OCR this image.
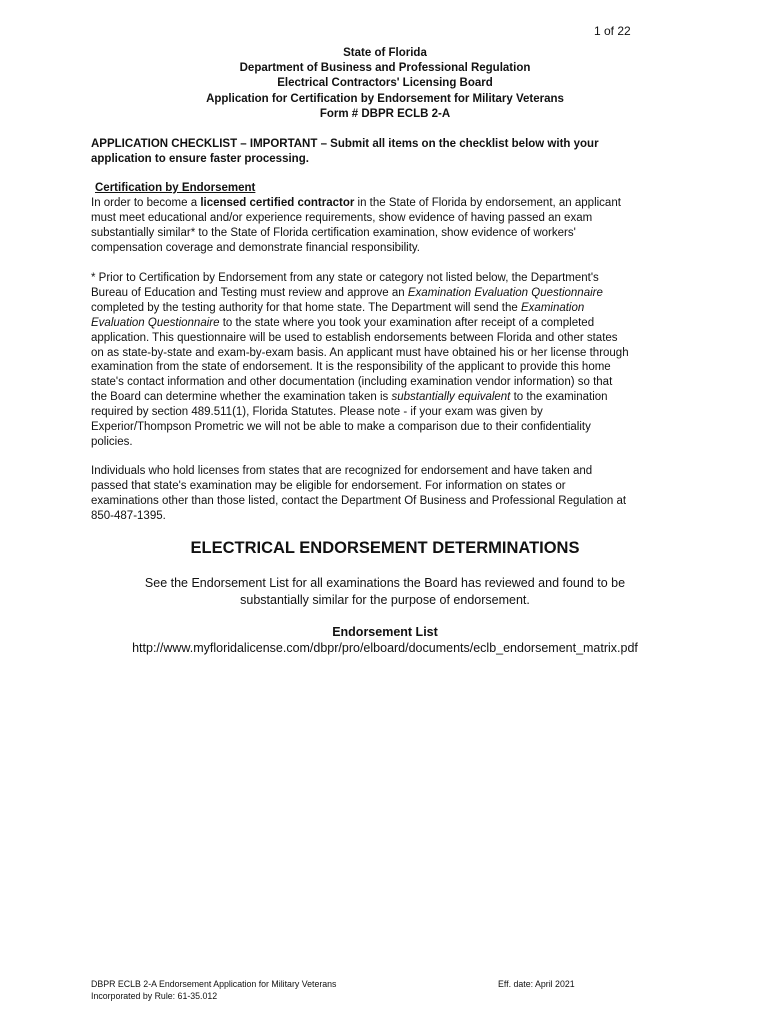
1 of 22
State of Florida
Department of Business and Professional Regulation
Electrical Contractors' Licensing Board
Application for Certification by Endorsement for Military Veterans
Form # DBPR ECLB 2-A
APPLICATION CHECKLIST – IMPORTANT – Submit all items on the checklist below with your
application to ensure faster processing.
Certification by Endorsement
In order to become a licensed certified contractor in the State of Florida by endorsement, an applicant
must meet educational and/or experience requirements, show evidence of having passed an exam
substantially similar* to the State of Florida certification examination, show evidence of workers'
compensation coverage and demonstrate financial responsibility.
* Prior to Certification by Endorsement from any state or category not listed below, the Department's
Bureau of Education and Testing must review and approve an Examination Evaluation Questionnaire
completed by the testing authority for that home state. The Department will send the Examination
Evaluation Questionnaire to the state where you took your examination after receipt of a completed
application. This questionnaire will be used to establish endorsements between Florida and other states
on as state-by-state and exam-by-exam basis. An applicant must have obtained his or her license through
examination from the state of endorsement. It is the responsibility of the applicant to provide this home
state's contact information and other documentation (including examination vendor information) so that
the Board can determine whether the examination taken is substantially equivalent to the examination
required by section 489.511(1), Florida Statutes. Please note - if your exam was given by
Experior/Thompson Prometric we will not be able to make a comparison due to their confidentiality
policies.
Individuals who hold licenses from states that are recognized for endorsement and have taken and
passed that state's examination may be eligible for endorsement. For information on states or
examinations other than those listed, contact the Department Of Business and Professional Regulation at
850-487-1395.
ELECTRICAL ENDORSEMENT DETERMINATIONS
See the Endorsement List for all examinations the Board has reviewed and found to be
substantially similar for the purpose of endorsement.
Endorsement List
http://www.myfloridalicense.com/dbpr/pro/elboard/documents/eclb_endorsement_matrix.pdf
DBPR ECLB 2-A Endorsement Application for Military Veterans
Incorporated by Rule: 61-35.012
Eff. date: April 2021
